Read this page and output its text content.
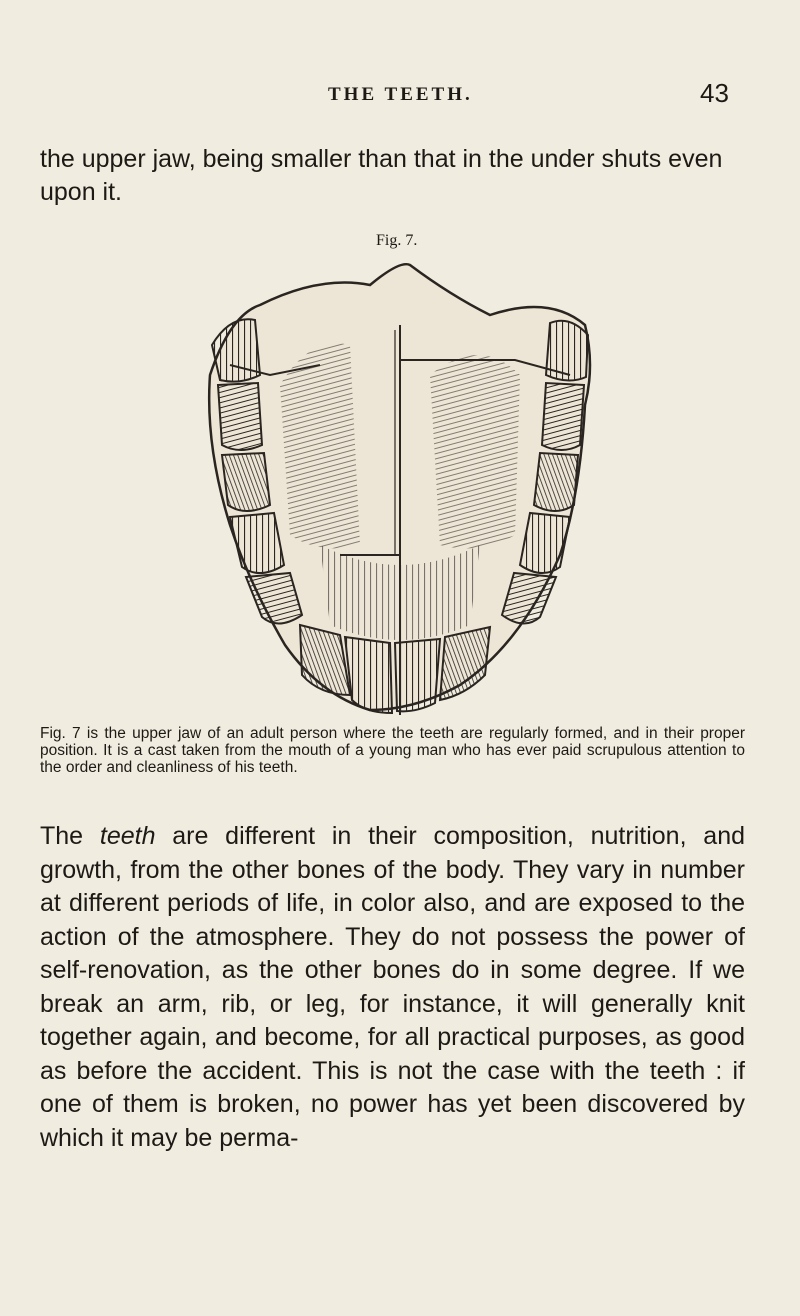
THE TEETH.	43
the upper jaw, being smaller than that in the under shuts even upon it.
Fig. 7.
Fig. 7 is the upper jaw of an adult person where the teeth are regularly formed, and in their proper position. It is a cast taken from the mouth of a young man who has ever paid scrupulous attention to the order and cleanliness of his teeth.

The teeth are different in their composition, nutrition, and growth, from the other bones of the body. They vary in number at different periods of life, in color also, and are exposed to the action of the atmosphere. They do not possess the power of self-renovation, as the other bones do in some degree. If we break an arm, rib, or leg, for instance, it will generally knit together again, and become, for all practical purposes, as good as before the accident. This is not the case with the teeth : if one of them is broken, no power has yet been discovered by which it may be perma-
